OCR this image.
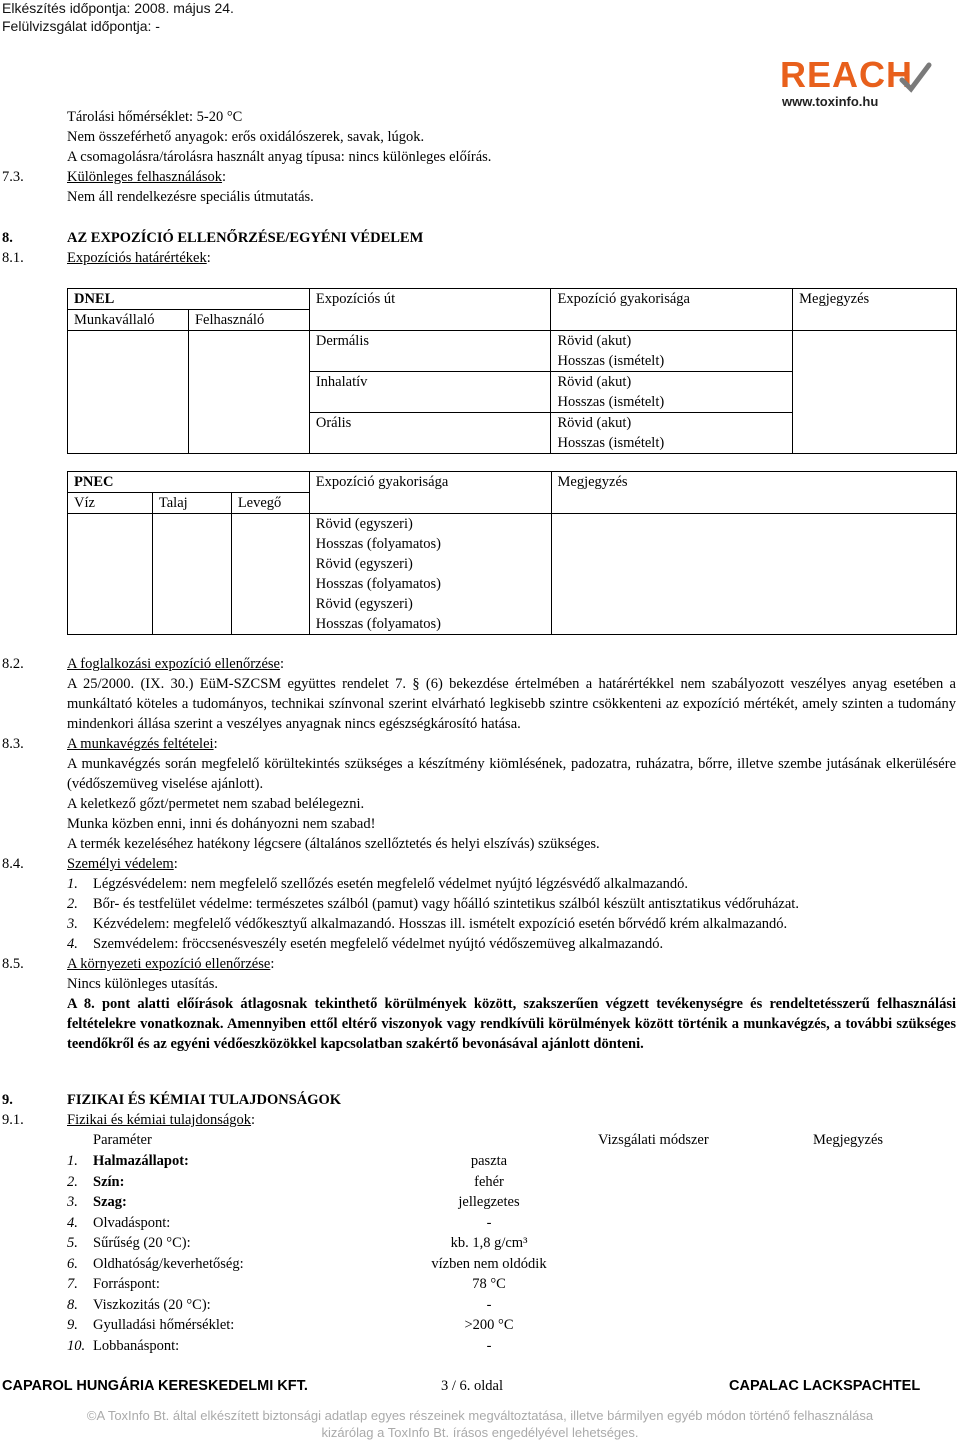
Elkészítés időpontja: 2008. május 24.
Felülvizsgálat időpontja: -
REACH
www.toxinfo.hu
Tárolási hőmérséklet: 5-20 °C
Nem összeférhető anyagok: erős oxidálószerek, savak, lúgok.
A csomagolásra/tárolásra használt anyag típusa: nincs különleges előírás.
7.3.	Különleges felhasználások:
Nem áll rendelkezésre speciális útmutatás.
8.	AZ EXPOZÍCIÓ ELLENŐRZÉSE/EGYÉNI VÉDELEM
8.1.	Expozíciós határértékek:
DNEL		Expozíciós út	Expozíció gyakorisága	Megjegyzés
Munkavállaló	Felhasználó			
		Dermális	Rövid (akut)
Hosszas (ismételt)	

		Inhalatív	Rövid (akut)
Hosszas (ismételt)	

		Orális	Rövid (akut)
Hosszas (ismételt)	
PNEC			Expozíció gyakorisága	Megjegyzés
Víz	Talaj	Levegő		

			Rövid (egyszeri)
Hosszas (folyamatos)	

			Rövid (egyszeri)
Hosszas (folyamatos)	

			Rövid (egyszeri)
Hosszas (folyamatos)	
8.2.	A foglalkozási expozíció ellenőrzése:
A 25/2000. (IX. 30.) EüM-SZCSM együttes rendelet 7. § (6) bekezdése értelmében a határértékkel nem szabályozott veszélyes anyag esetében a munkáltató köteles a tudományos, technikai színvonal szerint elvárható legkisebb szintre csökkenteni az expozíció mértékét, amely szinten a tudomány mindenkori állása szerint a veszélyes anyagnak nincs egészségkárosító hatása.
8.3.	A munkavégzés feltételei:
A munkavégzés során megfelelő körültekintés szükséges a készítmény kiömlésének, padozatra, ruházatra, bőrre, illetve szembe jutásának elkerülésére (védőszemüveg viselése ajánlott).
A keletkező gőzt/permetet nem szabad belélegezni.
Munka közben enni, inni és dohányozni nem szabad!
A termék kezeléséhez hatékony légcsere (általános szellőztetés és helyi elszívás) szükséges.
8.4.	Személyi védelem:
1. Légzésvédelem: nem megfelelő szellőzés esetén megfelelő védelmet nyújtó légzésvédő alkalmazandó.
2. Bőr- és testfelület védelme: természetes szálból (pamut) vagy hőálló szintetikus szálból készült antisztatikus védőruházat.
3. Kézvédelem: megfelelő védőkesztyű alkalmazandó. Hosszas ill. ismételt expozíció esetén bőrvédő krém alkalmazandó.
4. Szemvédelem: fröccsenésveszély esetén megfelelő védelmet nyújtó védőszemüveg alkalmazandó.
8.5.	A környezeti expozíció ellenőrzése:
Nincs különleges utasítás.
A 8. pont alatti előírások átlagosnak tekinthető körülmények között, szakszerűen végzett tevékenységre és rendeltetésszerű felhasználási feltételekre vonatkoznak. Amennyiben ettől eltérő viszonyok vagy rendkívüli körülmények között történik a munkavégzés, a további szükséges teendőkről és az egyéni védőeszközökkel kapcsolatban szakértő bevonásával ajánlott dönteni.
9.	FIZIKAI ÉS KÉMIAI TULAJDONSÁGOK
9.1.	Fizikai és kémiai tulajdonságok:
Paraméter	Vizsgálati módszer	Megjegyzés
1. Halmazállapot:	paszta
2. Szín:	fehér
3. Szag:	jellegzetes
4. Olvadáspont:	-
5. Sűrűség (20 °C):	kb. 1,8 g/cm³
6. Oldhatóság/keverhetőség:	vízben nem oldódik
7. Forráspont:	78 °C
8. Viszkozitás (20 °C):	-
9. Gyulladási hőmérséklet:	>200 °C
10. Lobbanáspont:	-
CAPAROL HUNGÁRIA KERESKEDELMI KFT.	3 / 6. oldal	CAPALAC LACKSPACHTEL
©A ToxInfo Bt. által elkészített biztonsági adatlap egyes részeinek megváltoztatása, illetve bármilyen egyéb módon történő felhasználása
kizárólag a ToxInfo Bt. írásos engedélyével lehetséges.
